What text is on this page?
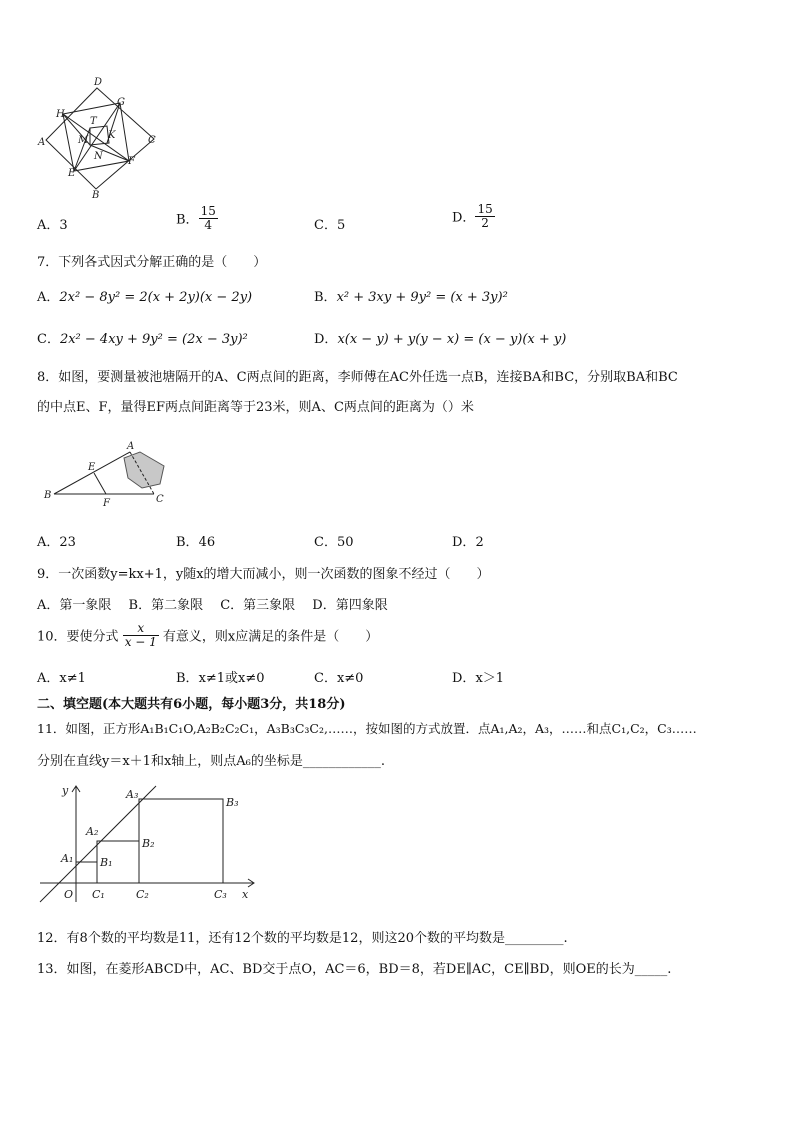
D
H
G
T
K
A	C
M
N
E
F
B
A．3	B． $\frac{15}{4}$	C．5	D． $\frac{15}{2}$
7．下列各式因式分解正确的是（　　）
A．2x² − 8y² = 2(x + 2y)(x − 2y)	B．x² + 3xy + 9y² = (x + 3y)²
C．2x² − 4xy + 9y² = (2x − 3y)²	D．x(x − y) + y(y − x) = (x − y)(x + y)
8．如图，要测量被池塘隔开的A、C两点间的距离，李师傅在AC外任选一点B，连接BA和BC，分别取BA和BC
的中点E、F，量得EF两点间距离等于23米，则A、C两点间的距离为（）米
A
E
B
F	C
A．23	B．46	C．50	D．2
9．一次函数y=kx+1，y随x的增大而减小，则一次函数的图象不经过（　　）
A．第一象限　 B．第二象限　 C．第三象限　 D．第四象限
10．要使分式 $\frac{x}{x - 1}$ 有意义，则x应满足的条件是（　　）
A．x≠1	B．x≠1或x≠0	C．x≠0	D．x＞1
二、填空题(本大题共有6小题，每小题3分，共18分)
11．如图，正方形A₁B₁C₁O,A₂B₂C₂C₁，A₃B₃C₃C₂,……，按如图的方式放置．点A₁,A₂，A₃，……和点C₁,C₂，C₃……
分别在直线y＝x＋1和x轴上，则点A₆的坐标是____________.
y	A₃
B₃
A₂
B₂
A₁ B₁
O C₁	C₂	C₃ x
12．有8个数的平均数是11，还有12个数的平均数是12，则这20个数的平均数是_________.
13．如图，在菱形ABCD中，AC、BD交于点O，AC＝6，BD＝8，若DE∥AC，CE∥BD，则OE的长为_____.
